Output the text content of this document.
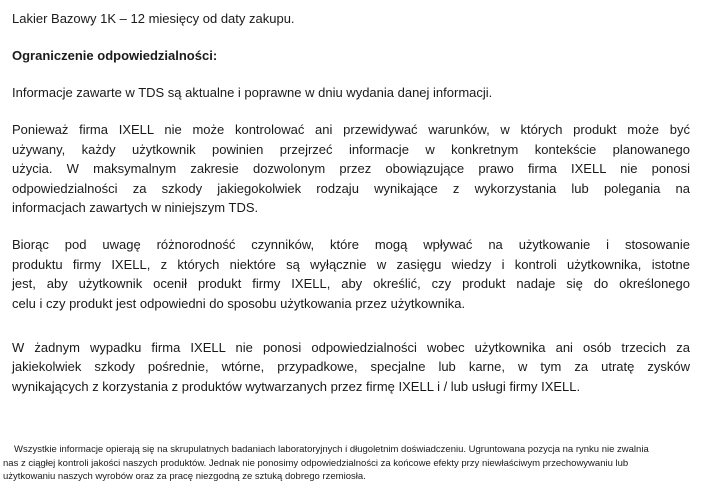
Lakier Bazowy 1K – 12 miesięcy od daty zakupu.

Ograniczenie odpowiedzialności:

Informacje zawarte w TDS są aktualne i poprawne w dniu wydania danej informacji.

Ponieważ firma IXELL nie może kontrolować ani przewidywać warunków, w których produkt może być
używany, każdy użytkownik powinien przejrzeć informacje w konkretnym kontekście planowanego
użycia. W maksymalnym zakresie dozwolonym przez obowiązujące prawo firma IXELL nie ponosi
odpowiedzialności za szkody jakiegokolwiek rodzaju wynikające z wykorzystania lub polegania na
informacjach zawartych w niniejszym TDS.
Biorąc pod uwagę różnorodność czynników, które mogą wpływać na użytkowanie i stosowanie
produktu firmy IXELL, z których niektóre są wyłącznie w zasięgu wiedzy i kontroli użytkownika, istotne
jest, aby użytkownik ocenił produkt firmy IXELL, aby określić, czy produkt nadaje się do określonego
celu i czy produkt jest odpowiedni do sposobu użytkowania przez użytkownika.
W żadnym wypadku firma IXELL nie ponosi odpowiedzialności wobec użytkownika ani osób trzecich za
jakiekolwiek szkody pośrednie, wtórne, przypadkowe, specjalne lub karne, w tym za utratę zysków
wynikających z korzystania z produktów wytwarzanych przez firmę IXELL i / lub usługi firmy IXELL.
Wszystkie informacje opierają się na skrupulatnych badaniach laboratoryjnych i długoletnim doświadczeniu. Ugruntowana pozycja na rynku nie zwalnia
nas z ciągłej kontroli jakości naszych produktów. Jednak nie ponosimy odpowiedzialności za końcowe efekty przy niewłaściwym przechowywaniu lub
użytkowaniu naszych wyrobów oraz za pracę niezgodną ze sztuką dobrego rzemiosła.
